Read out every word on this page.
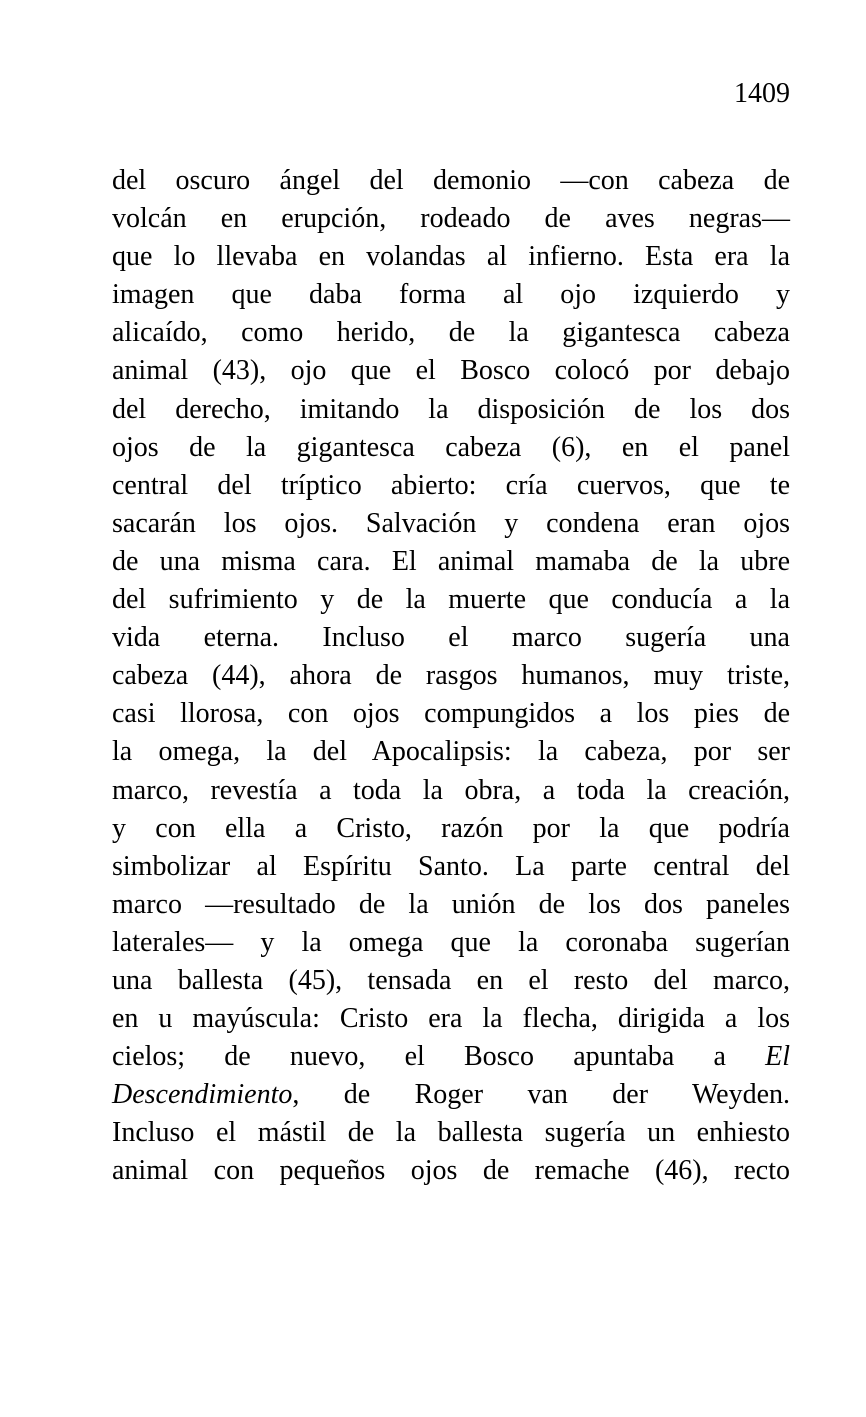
1409
del oscuro ángel del demonio —con cabeza de
volcán en erupción, rodeado de aves negras—
que lo llevaba en volandas al infierno. Esta era la
imagen que daba forma al ojo izquierdo y
alicaído, como herido, de la gigantesca cabeza
animal (43), ojo que el Bosco colocó por debajo
del derecho, imitando la disposición de los dos
ojos de la gigantesca cabeza (6), en el panel
central del tríptico abierto: cría cuervos, que te
sacarán los ojos. Salvación y condena eran ojos
de una misma cara. El animal mamaba de la ubre
del sufrimiento y de la muerte que conducía a la
vida eterna. Incluso el marco sugería una
cabeza (44), ahora de rasgos humanos, muy triste,
casi llorosa, con ojos compungidos a los pies de
la omega, la del Apocalipsis: la cabeza, por ser
marco, revestía a toda la obra, a toda la creación,
y con ella a Cristo, razón por la que podría
simbolizar al Espíritu Santo. La parte central del
marco —resultado de la unión de los dos paneles
laterales— y la omega que la coronaba sugerían
una ballesta (45), tensada en el resto del marco,
en u mayúscula: Cristo era la flecha, dirigida a los
cielos; de nuevo, el Bosco apuntaba a El
Descendimiento, de Roger van der Weyden.
Incluso el mástil de la ballesta sugería un enhiesto
animal con pequeños ojos de remache (46), recto
